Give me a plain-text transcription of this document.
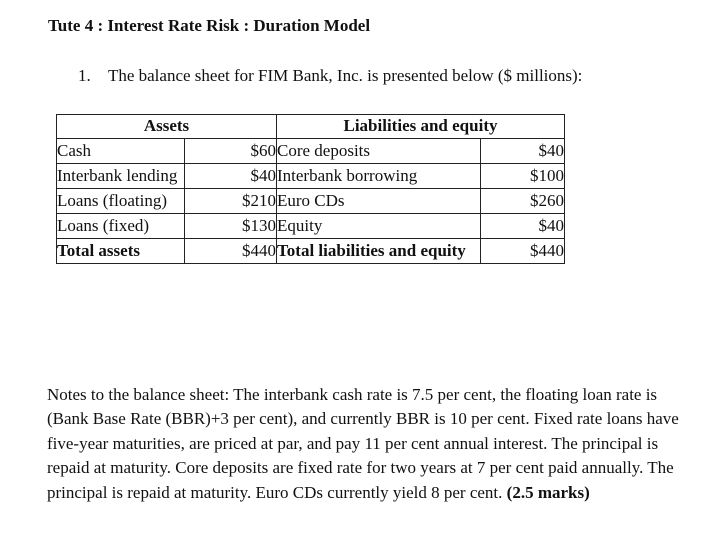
Tute 4 : Interest Rate Risk : Duration Model
1. The balance sheet for FIM Bank, Inc. is presented below ($ millions):
Assets		Liabilities and equity	
Cash	$60	Core deposits	$40
Interbank lending	$40	Interbank borrowing	$100
Loans (floating)	$210	Euro CDs	$260
Loans (fixed)	$130	Equity	$40
Total assets	$440	Total liabilities and equity	$440
Notes to the balance sheet: The interbank cash rate is 7.5 per cent, the floating loan rate is (Bank Base Rate (BBR)+3 per cent), and currently BBR is 10 per cent. Fixed rate loans have five-year maturities, are priced at par, and pay 11 per cent annual interest. The principal is repaid at maturity. Core deposits are fixed rate for two years at 7 per cent paid annually. The principal is repaid at maturity. Euro CDs currently yield 8 per cent. (2.5 marks)
